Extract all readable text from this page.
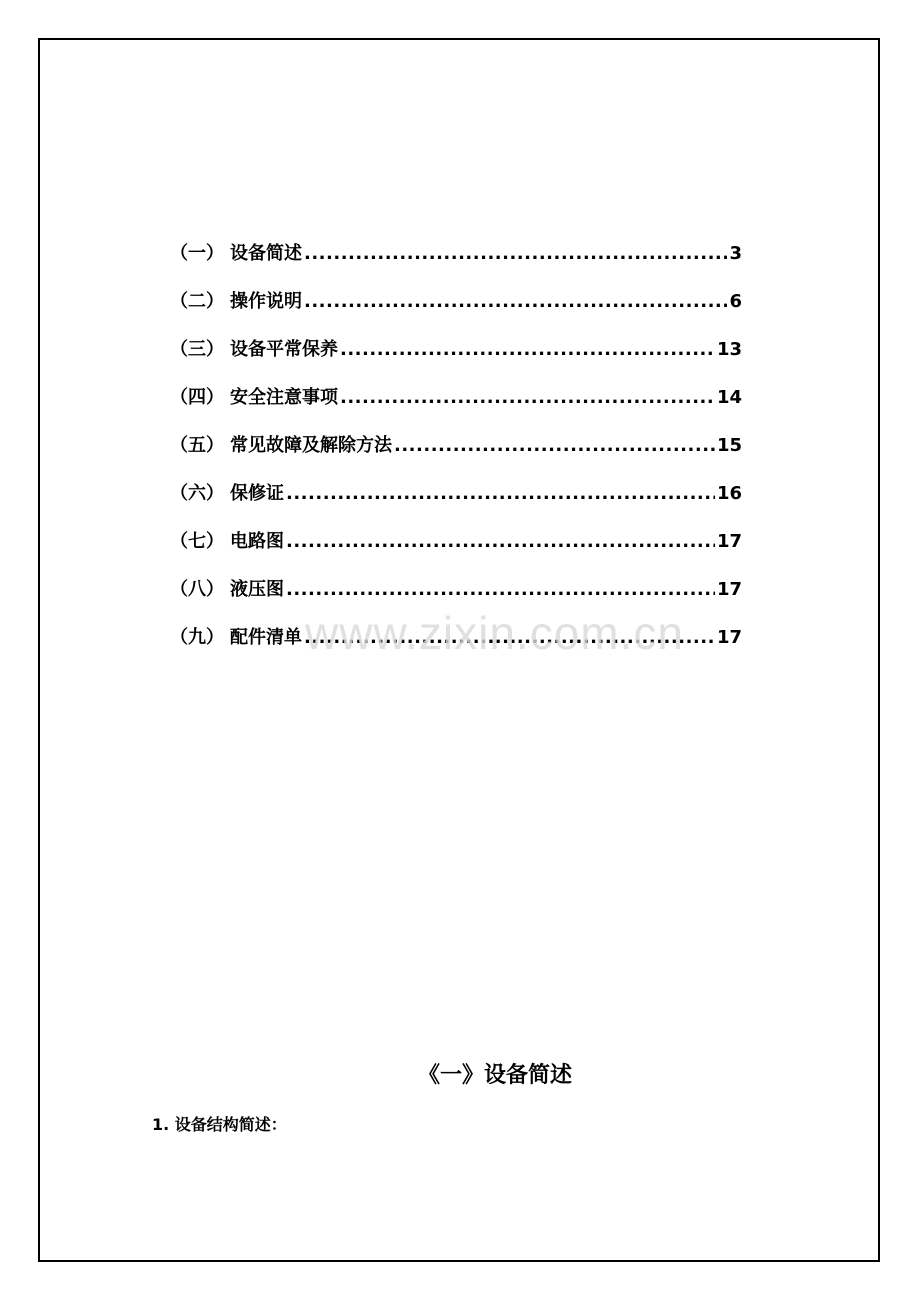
（一） 设备简述 .....	3
（二） 操作说明 .....	6
（三） 设备平常保养 .....	13
（四） 安全注意事项 .....	14
（五） 常见故障及解除方法 .....	15
（六） 保修证 .....	16
（七） 电路图 .....	17
（八） 液压图 .....	17
（九） 配件清单 .....	17
www.zixin.com.cn
《一》设备简述
1. 设备结构简述：
